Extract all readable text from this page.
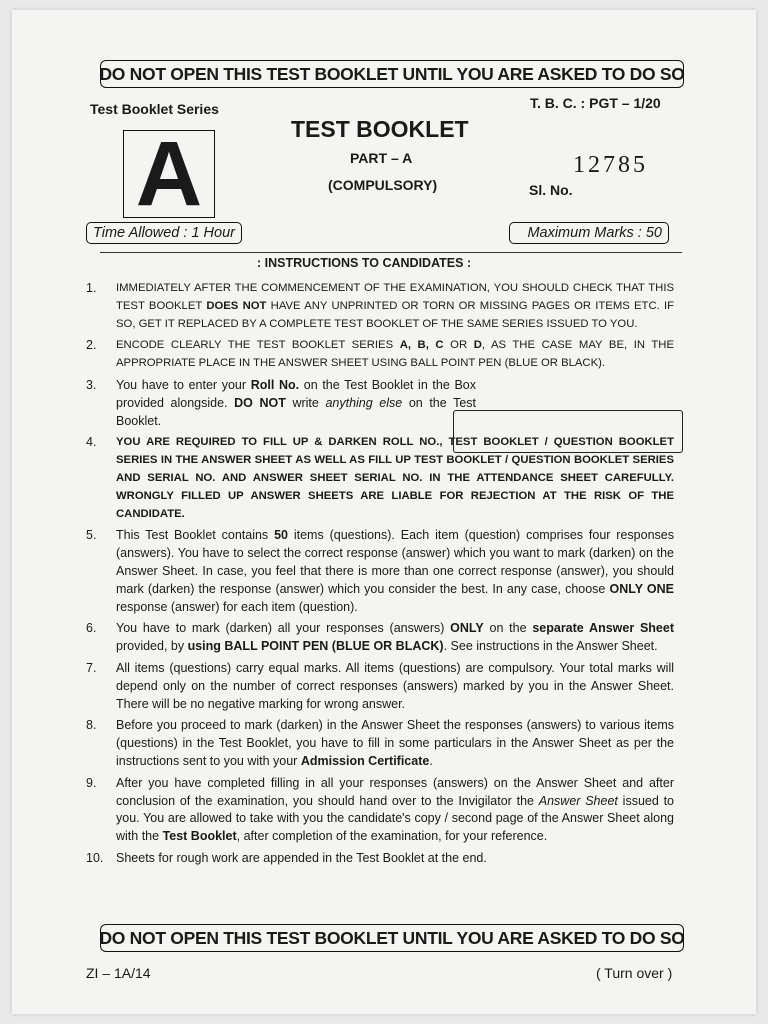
DO NOT OPEN THIS TEST BOOKLET UNTIL YOU ARE ASKED TO DO SO
Test Booklet Series
A
T. B. C. : PGT – 1/20
TEST BOOKLET
PART – A
(COMPULSORY)
12785
Sl. No.
Time Allowed : 1 Hour	Maximum Marks : 50
: INSTRUCTIONS TO CANDIDATES :
1.	IMMEDIATELY AFTER THE COMMENCEMENT OF THE EXAMINATION, YOU SHOULD CHECK THAT THIS TEST BOOKLET DOES NOT HAVE ANY UNPRINTED OR TORN OR MISSING PAGES OR ITEMS ETC. IF SO, GET IT REPLACED BY A COMPLETE TEST BOOKLET OF THE SAME SERIES ISSUED TO YOU.
2.	ENCODE CLEARLY THE TEST BOOKLET SERIES A, B, C OR D, AS THE CASE MAY BE, IN THE APPROPRIATE PLACE IN THE ANSWER SHEET USING BALL POINT PEN (BLUE OR BLACK).
3.	You have to enter your Roll No. on the Test Booklet in the Box provided alongside. DO NOT write anything else on the Test Booklet.
4.	YOU ARE REQUIRED TO FILL UP & DARKEN ROLL NO., TEST BOOKLET / QUESTION BOOKLET SERIES IN THE ANSWER SHEET AS WELL AS FILL UP TEST BOOKLET / QUESTION BOOKLET SERIES AND SERIAL NO. AND ANSWER SHEET SERIAL NO. IN THE ATTENDANCE SHEET CAREFULLY. WRONGLY FILLED UP ANSWER SHEETS ARE LIABLE FOR REJECTION AT THE RISK OF THE CANDIDATE.
5.	This Test Booklet contains 50 items (questions). Each item (question) comprises four responses (answers). You have to select the correct response (answer) which you want to mark (darken) on the Answer Sheet. In case, you feel that there is more than one correct response (answer), you should mark (darken) the response (answer) which you consider the best. In any case, choose ONLY ONE response (answer) for each item (question).
6.	You have to mark (darken) all your responses (answers) ONLY on the separate Answer Sheet provided, by using BALL POINT PEN (BLUE OR BLACK). See instructions in the Answer Sheet.
7.	All items (questions) carry equal marks. All items (questions) are compulsory. Your total marks will depend only on the number of correct responses (answers) marked by you in the Answer Sheet. There will be no negative marking for wrong answer.
8.	Before you proceed to mark (darken) in the Answer Sheet the responses (answers) to various items (questions) in the Test Booklet, you have to fill in some particulars in the Answer Sheet as per the instructions sent to you with your Admission Certificate.
9.	After you have completed filling in all your responses (answers) on the Answer Sheet and after conclusion of the examination, you should hand over to the Invigilator the Answer Sheet issued to you. You are allowed to take with you the candidate's copy / second page of the Answer Sheet along with the Test Booklet, after completion of the examination, for your reference.
10.	Sheets for rough work are appended in the Test Booklet at the end.
DO NOT OPEN THIS TEST BOOKLET UNTIL YOU ARE ASKED TO DO SO
ZI – 1A/14	( Turn over )
